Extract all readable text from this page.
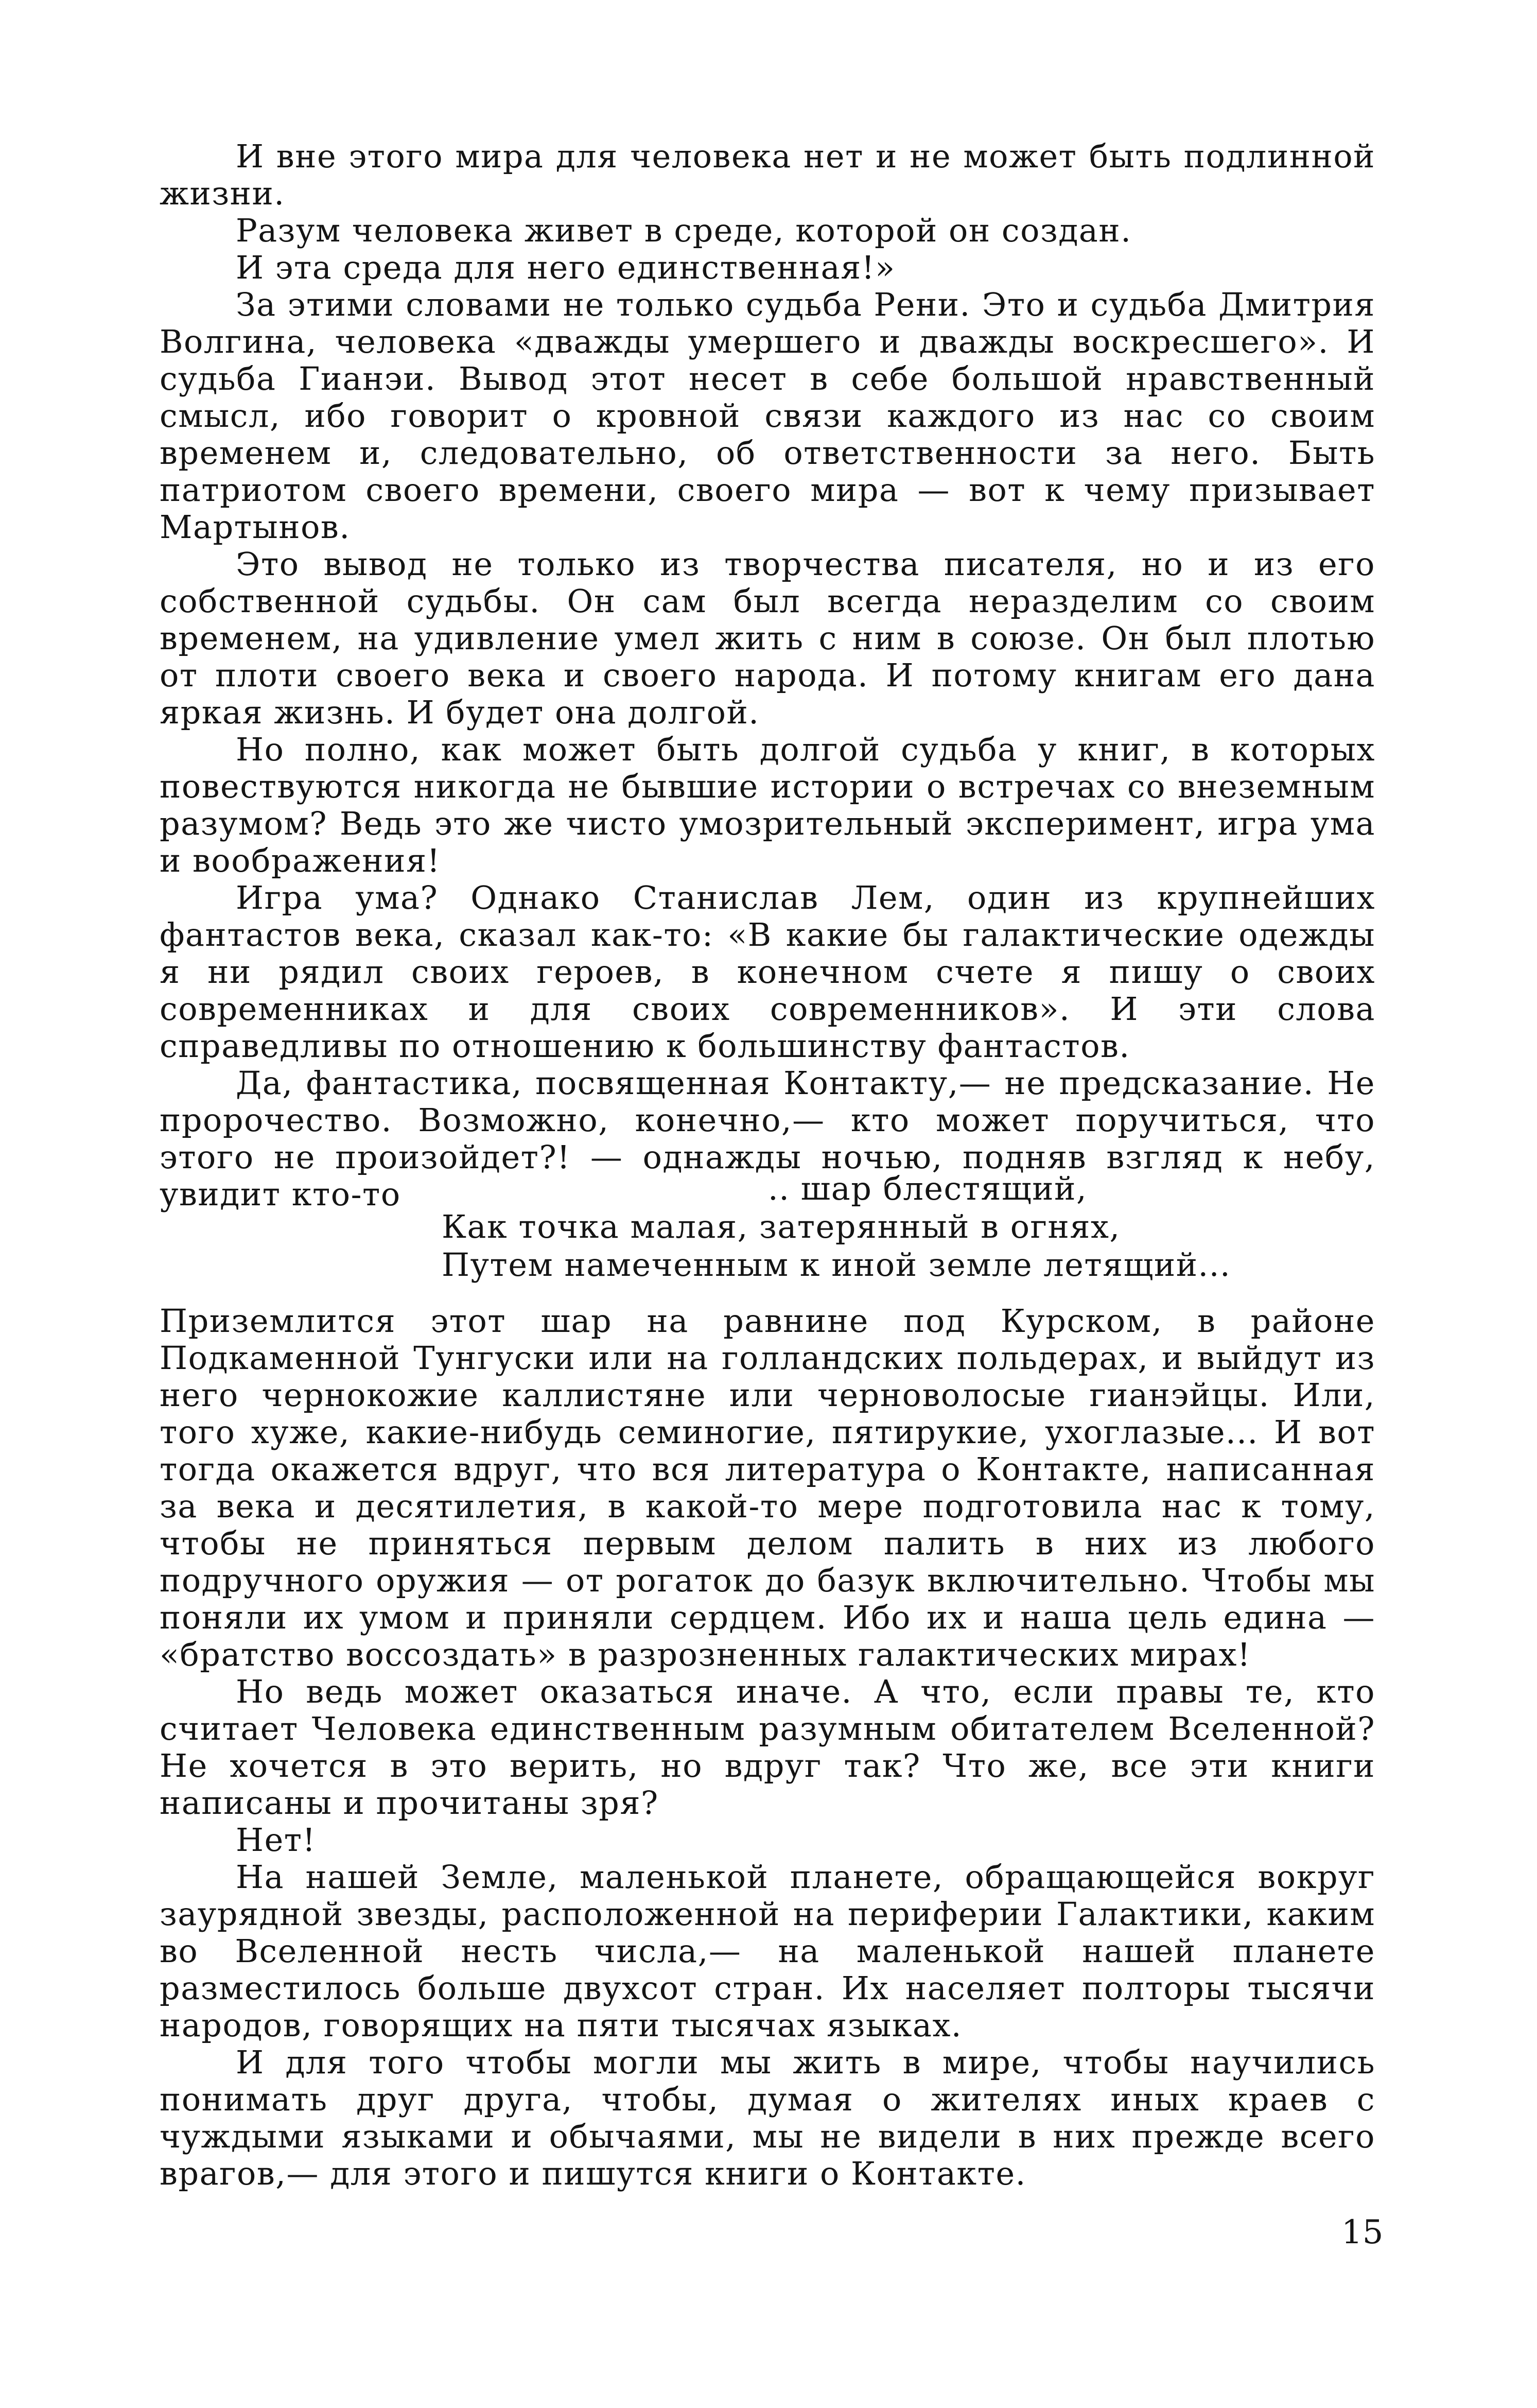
И вне этого мира для человека нет и не может быть подлинной жизни.

Разум человека живет в среде, которой он создан.

И эта среда для него единственная!»

За этими словами не только судьба Рени. Это и судьба Дмитрия Волгина, человека «дважды умершего и дважды воскресшего». И судьба Гианэи. Вывод этот несет в себе большой нравственный смысл, ибо говорит о кровной связи каждого из нас со своим временем и, следовательно, об ответственности за него. Быть патриотом своего времени, своего мира — вот к чему призывает Мартынов.

Это вывод не только из творчества писателя, но и из его собственной судьбы. Он сам был всегда неразделим со своим временем, на удивление умел жить с ним в союзе. Он был плотью от плоти своего века и своего народа. И потому книгам его дана яркая жизнь. И будет она долгой.

Но полно, как может быть долгой судьба у книг, в которых повествуются никогда не бывшие истории о встречах со внеземным разумом? Ведь это же чисто умозрительный эксперимент, игра ума и воображения!

Игра ума? Однако Станислав Лем, один из крупнейших фантастов века, сказал как-то: «В какие бы галактические одежды я ни рядил своих героев, в конечном счете я пишу о своих современниках и для своих современников». И эти слова справедливы по отношению к большинству фантастов.

Да, фантастика, посвященная Контакту,— не предсказание. Не пророчество. Возможно, конечно,— кто может поручиться, что этого не произойдет?! — однажды ночью, подняв взгляд к небу, увидит кто-то	.. шар блестящий,
Как точка малая, затерянный в огнях,
Путем намеченным к иной земле летящий...

Приземлится этот шар на равнине под Курском, в районе Подкаменной Тунгуски или на голландских польдерах, и выйдут из него чернокожие каллистяне или черноволосые гианэйцы. Или, того хуже, какие-нибудь семиногие, пятирукие, ухоглазые... И вот тогда окажется вдруг, что вся литература о Контакте, написанная за века и десятилетия, в какой-то мере подготовила нас к тому, чтобы не приняться первым делом палить в них из любого подручного оружия — от рогаток до базук включительно. Чтобы мы поняли их умом и приняли сердцем. Ибо их и наша цель едина — «братство воссоздать» в разрозненных галактических мирах!

Но ведь может оказаться иначе. А что, если правы те, кто считает Человека единственным разумным обитателем Вселенной? Не хочется в это верить, но вдруг так? Что же, все эти книги написаны и прочитаны зря?

Нет!

На нашей Земле, маленькой планете, обращающейся вокруг заурядной звезды, расположенной на периферии Галактики, каким во Вселенной несть числа,— на маленькой нашей планете разместилось больше двухсот стран. Их населяет полторы тысячи народов, говорящих на пяти тысячах языках.

И для того чтобы могли мы жить в мире, чтобы научились понимать друг друга, чтобы, думая о жителях иных краев с чуждыми языками и обычаями, мы не видели в них прежде всего врагов,— для этого и пишутся книги о Контакте.

15
